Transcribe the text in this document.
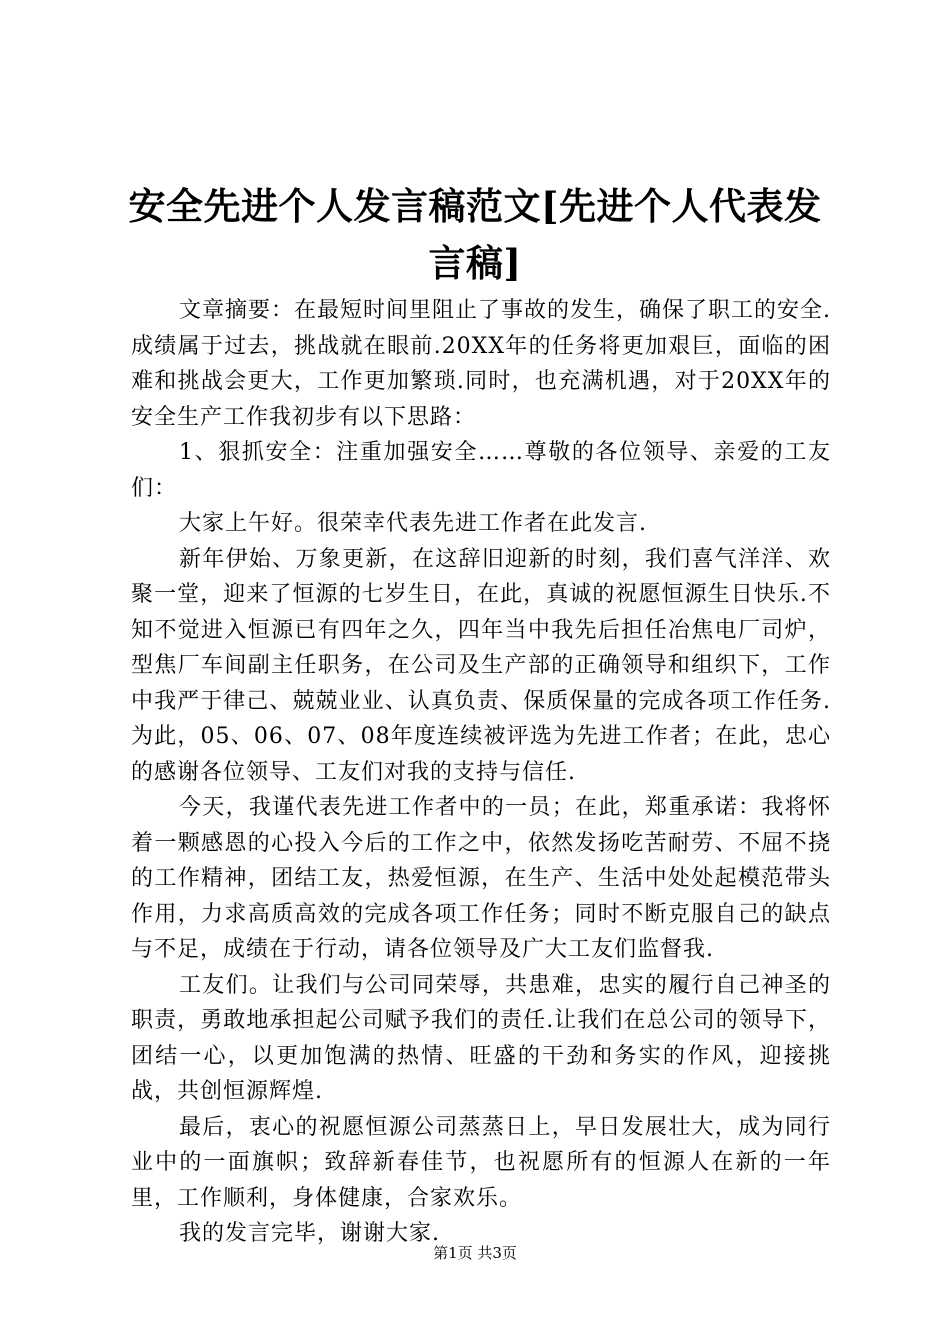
安全先进个人发言稿范文[先进个人代表发言稿]

文章摘要：在最短时间里阻止了事故的发生，确保了职工的安全.成绩属于过去，挑战就在眼前.20XX年的任务将更加艰巨，面临的困难和挑战会更大，工作更加繁琐.同时，也充满机遇，对于20XX年的安全生产工作我初步有以下思路：

1、狠抓安全：注重加强安全……尊敬的各位领导、亲爱的工友们：

大家上午好。很荣幸代表先进工作者在此发言.

新年伊始、万象更新，在这辞旧迎新的时刻，我们喜气洋洋、欢聚一堂，迎来了恒源的七岁生日，在此，真诚的祝愿恒源生日快乐.不知不觉进入恒源已有四年之久，四年当中我先后担任冶焦电厂司炉，型焦厂车间副主任职务，在公司及生产部的正确领导和组织下，工作中我严于律己、兢兢业业、认真负责、保质保量的完成各项工作任务.为此，05、06、07、08年度连续被评选为先进工作者；在此，忠心的感谢各位领导、工友们对我的支持与信任.

今天，我谨代表先进工作者中的一员；在此，郑重承诺：我将怀着一颗感恩的心投入今后的工作之中，依然发扬吃苦耐劳、不屈不挠的工作精神，团结工友，热爱恒源，在生产、生活中处处起模范带头作用，力求高质高效的完成各项工作任务；同时不断克服自己的缺点与不足，成绩在于行动，请各位领导及广大工友们监督我.

工友们。让我们与公司同荣辱，共患难，忠实的履行自己神圣的职责，勇敢地承担起公司赋予我们的责任.让我们在总公司的领导下，团结一心，以更加饱满的热情、旺盛的干劲和务实的作风，迎接挑战，共创恒源辉煌.

最后，衷心的祝愿恒源公司蒸蒸日上，早日发展壮大，成为同行业中的一面旗帜；致辞新春佳节，也祝愿所有的恒源人在新的一年里，工作顺利，身体健康，合家欢乐。

我的发言完毕，谢谢大家.

第1页 共3页
